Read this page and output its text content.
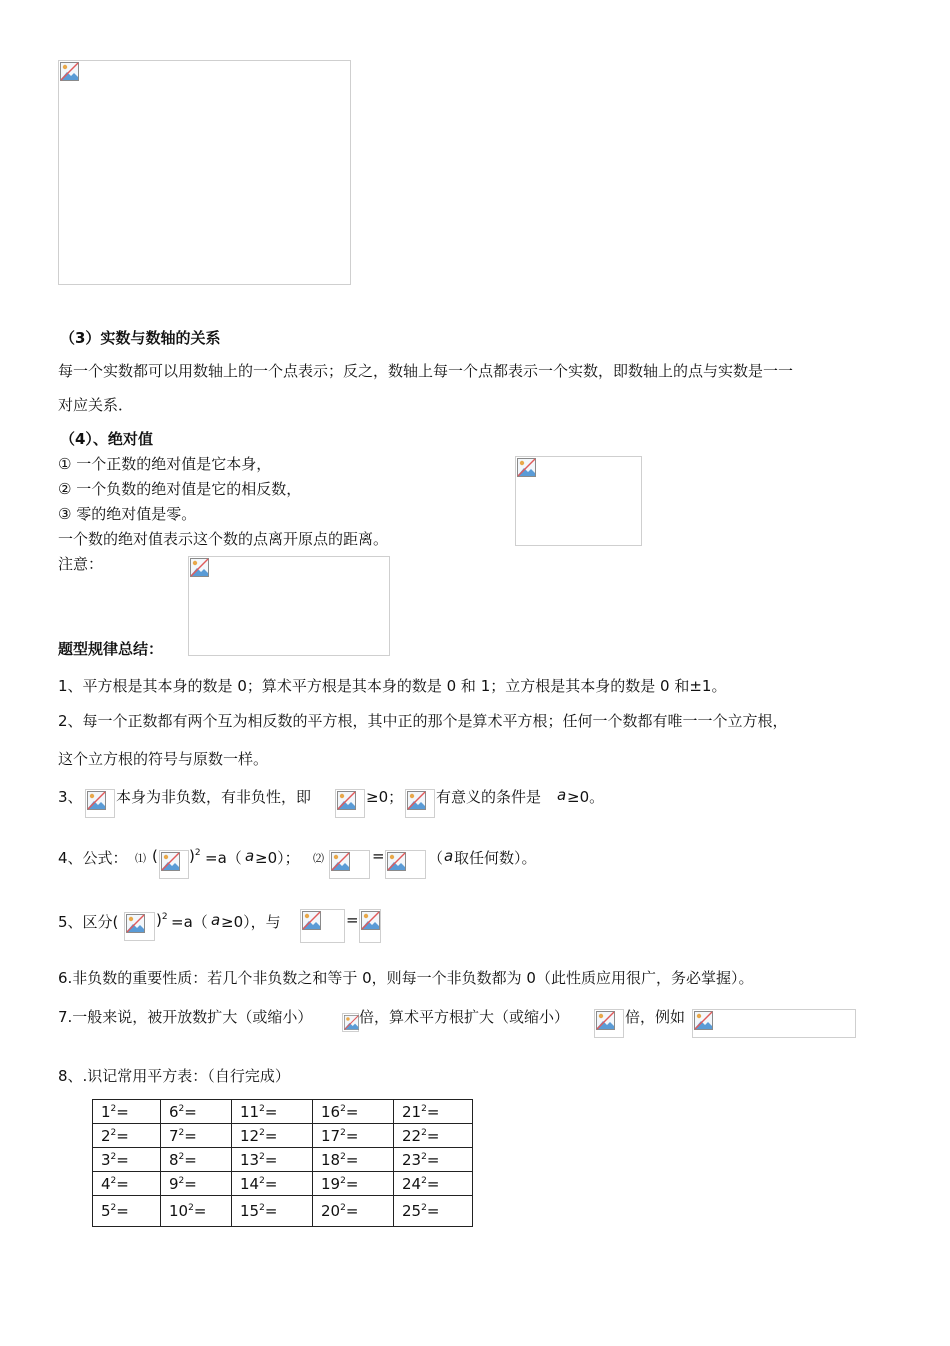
（3）实数与数轴的关系
每一个实数都可以用数轴上的一个点表示；反之，数轴上每一个点都表示一个实数，即数轴上的点与实数是一一
对应关系．
（4）、绝对值
① 一个正数的绝对值是它本身，
② 一个负数的绝对值是它的相反数，
③ 零的绝对值是零。
一个数的绝对值表示这个数的点离开原点的距离。
注意：
题型规律总结：
1、平方根是其本身的数是 0；算术平方根是其本身的数是 0 和 1；立方根是其本身的数是 0 和±1。
2、每一个正数都有两个互为相反数的平方根，其中正的那个是算术平方根；任何一个数都有唯一一个立方根，
这个立方根的符号与原数一样。
3、 本身为非负数，有非负性，即	≥0； 有意义的条件是 a ≥0。
4、公式： ⑴ ( )$^2$ =a（ a ≥0）； ⑵	=	（ a 取任何数）。
5、区分(	)$^2$ =a（ a ≥0），与	=
6.非负数的重要性质：若几个非负数之和等于 0，则每一个非负数都为 0（此性质应用很广，务必掌握）。
7.一般来说，被开放数扩大（或缩小）	倍，算术平方根扩大（或缩小）	倍，例如
8、.识记常用平方表：（自行完成）
$1^2=$	$6^2=$	$11^2=$	$16^2=$	$21^2=$
$2^2=$	$7^2=$	$12^2=$	$17^2=$	$22^2=$
$3^2=$	$8^2=$	$13^2=$	$18^2=$	$23^2=$
$4^2=$	$9^2=$	$14^2=$	$19^2=$	$24^2=$
$5^2=$	$10^2=$	$15^2=$	$20^2=$	$25^2=$
